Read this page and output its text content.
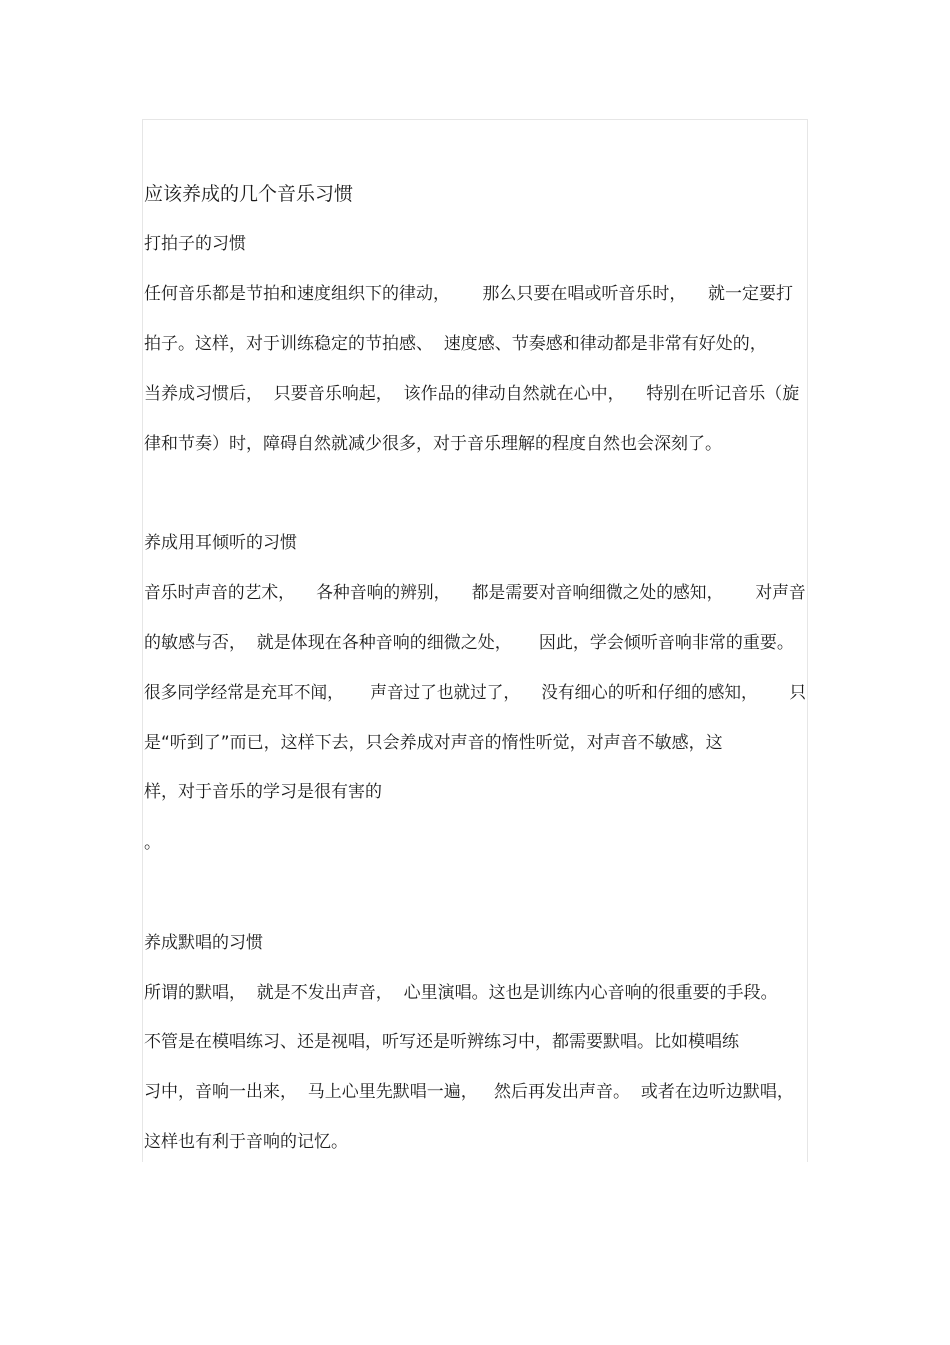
应该养成的几个音乐习惯
打拍子的习惯
任何音乐都是节拍和速度组织下的律动，      那么只要在唱或听音乐时，    就一定要打
拍子。这样，对于训练稳定的节拍感、  速度感、节奏感和律动都是非常有好处的，
当养成习惯后，  只要音乐响起，  该作品的律动自然就在心中，    特别在听记音乐（旋
律和节奏）时，障碍自然就减少很多，对于音乐理解的程度自然也会深刻了。
养成用耳倾听的习惯
音乐时声音的艺术，    各种音响的辨别，    都是需要对音响细微之处的感知，      对声音
的敏感与否，  就是体现在各种音响的细微之处，     因此，学会倾听音响非常的重要。
很多同学经常是充耳不闻，     声音过了也就过了，    没有细心的听和仔细的感知，      只
是“听到了”而已，这样下去，只会养成对声音的惰性听觉，对声音不敏感，这
样，对于音乐的学习是很有害的
。
养成默唱的习惯
所谓的默唱，  就是不发出声音，  心里演唱。这也是训练内心音响的很重要的手段。
不管是在模唱练习、还是视唱，听写还是听辨练习中，都需要默唱。比如模唱练
习中，音响一出来，  马上心里先默唱一遍，   然后再发出声音。  或者在边听边默唱，
这样也有利于音响的记忆。
